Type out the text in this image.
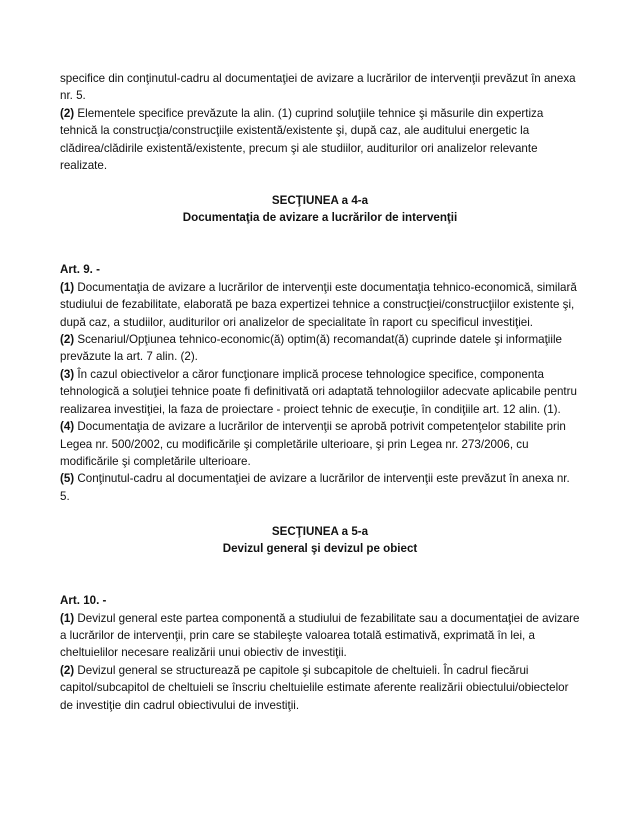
specifice din conţinutul-cadru al documentaţiei de avizare a lucrărilor de intervenţii prevăzut în anexa nr. 5.

(2) Elementele specifice prevăzute la alin. (1) cuprind soluţiile tehnice şi măsurile din expertiza tehnică la construcţia/construcţiile existentă/existente şi, după caz, ale auditului energetic la clădirea/clădirile existentă/existente, precum şi ale studiilor, auditurilor ori analizelor relevante realizate.

SECŢIUNEA a 4-a

Documentaţia de avizare a lucrărilor de intervenţii

Art. 9. -

(1) Documentaţia de avizare a lucrărilor de intervenţii este documentaţia tehnico-economică, similară studiului de fezabilitate, elaborată pe baza expertizei tehnice a construcţiei/construcţiilor existente şi, după caz, a studiilor, auditurilor ori analizelor de specialitate în raport cu specificul investiţiei.

(2) Scenariul/Opţiunea tehnico-economic(ă) optim(ă) recomandat(ă) cuprinde datele şi informaţiile prevăzute la art. 7 alin. (2).

(3) În cazul obiectivelor a căror funcţionare implică procese tehnologice specifice, componenta tehnologică a soluţiei tehnice poate fi definitivată ori adaptată tehnologiilor adecvate aplicabile pentru realizarea investiţiei, la faza de proiectare - proiect tehnic de execuţie, în condiţiile art. 12 alin. (1).

(4) Documentaţia de avizare a lucrărilor de intervenţii se aprobă potrivit competenţelor stabilite prin Legea nr. 500/2002, cu modificările şi completările ulterioare, şi prin Legea nr. 273/2006, cu modificările şi completările ulterioare.

(5) Conţinutul-cadru al documentaţiei de avizare a lucrărilor de intervenţii este prevăzut în anexa nr. 5.

SECŢIUNEA a 5-a

Devizul general şi devizul pe obiect

Art. 10. -

(1) Devizul general este partea componentă a studiului de fezabilitate sau a documentaţiei de avizare a lucrărilor de intervenţii, prin care se stabileşte valoarea totală estimativă, exprimată în lei, a cheltuielilor necesare realizării unui obiectiv de investiţii.

(2) Devizul general se structurează pe capitole şi subcapitole de cheltuieli. În cadrul fiecărui capitol/subcapitol de cheltuieli se înscriu cheltuielile estimate aferente realizării obiectului/obiectelor de investiţie din cadrul obiectivului de investiţii.
